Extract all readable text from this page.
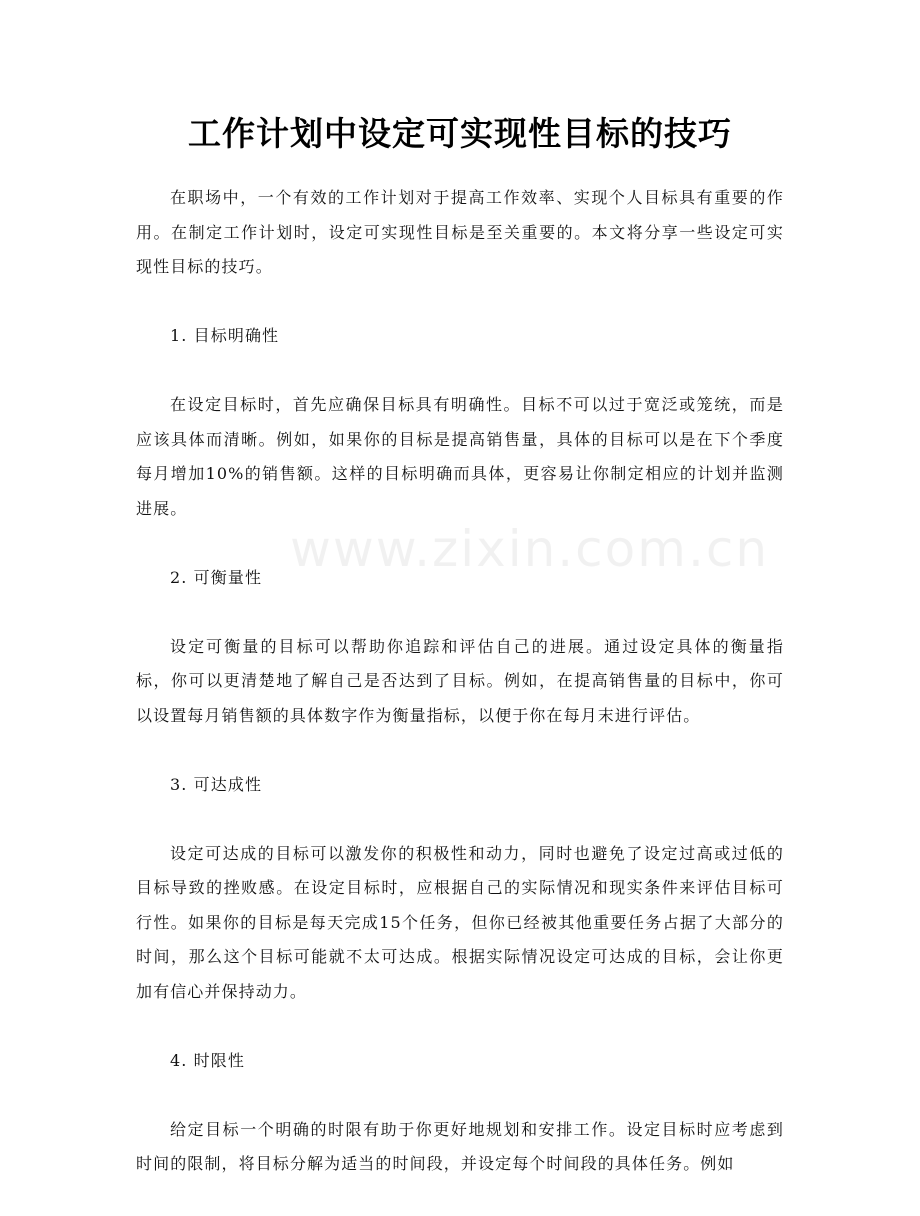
www.zixin.com.cn
工作计划中设定可实现性目标的技巧

在职场中，一个有效的工作计划对于提高工作效率、实现个人目标具有重要的作用。在制定工作计划时，设定可实现性目标是至关重要的。本文将分享一些设定可实现性目标的技巧。

1. 目标明确性

在设定目标时，首先应确保目标具有明确性。目标不可以过于宽泛或笼统，而是应该具体而清晰。例如，如果你的目标是提高销售量，具体的目标可以是在下个季度每月增加10%的销售额。这样的目标明确而具体，更容易让你制定相应的计划并监测进展。

2. 可衡量性

设定可衡量的目标可以帮助你追踪和评估自己的进展。通过设定具体的衡量指标，你可以更清楚地了解自己是否达到了目标。例如，在提高销售量的目标中，你可以设置每月销售额的具体数字作为衡量指标，以便于你在每月末进行评估。

3. 可达成性

设定可达成的目标可以激发你的积极性和动力，同时也避免了设定过高或过低的目标导致的挫败感。在设定目标时，应根据自己的实际情况和现实条件来评估目标可行性。如果你的目标是每天完成15个任务，但你已经被其他重要任务占据了大部分的时间，那么这个目标可能就不太可达成。根据实际情况设定可达成的目标，会让你更加有信心并保持动力。

4. 时限性

给定目标一个明确的时限有助于你更好地规划和安排工作。设定目标时应考虑到时间的限制，将目标分解为适当的时间段，并设定每个时间段的具体任务。例如
